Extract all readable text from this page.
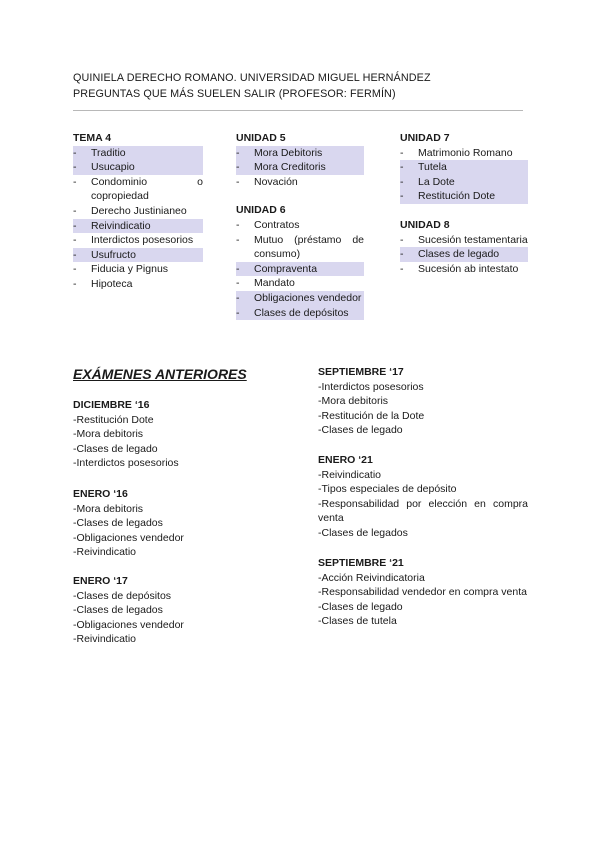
QUINIELA DERECHO ROMANO. UNIVERSIDAD MIGUEL HERNÁNDEZ
PREGUNTAS QUE MÁS SUELEN SALIR (PROFESOR: FERMÍN)
TEMA 4
-	Traditio
-	Usucapio
-	Condominio o copropiedad
-	Derecho Justinianeo
-	Reivindicatio
-	Interdictos posesorios
-	Usufructo
-	Fiducia y Pignus
-	Hipoteca
UNIDAD 5
-	Mora Debitoris
-	Mora Creditoris
-	Novación
UNIDAD 6
-	Contratos
-	Mutuo (préstamo de consumo)
-	Compraventa
-	Mandato
-	Obligaciones vendedor
-	Clases de depósitos
UNIDAD 7
-	Matrimonio Romano
-	Tutela
-	La Dote
-	Restitución Dote
UNIDAD 8
-	Sucesión testamentaria
-	Clases de legado
-	Sucesión ab intestato
EXÁMENES ANTERIORES
DICIEMBRE ‘16
-Restitución Dote
-Mora debitoris
-Clases de legado
-Interdictos posesorios
ENERO ‘16
-Mora debitoris
-Clases de legados
-Obligaciones vendedor
-Reivindicatio
ENERO ‘17
-Clases de depósitos
-Clases de legados
-Obligaciones vendedor
-Reivindicatio
SEPTIEMBRE ‘17
-Interdictos posesorios
-Mora debitoris
-Restitución de la Dote
-Clases de legado
ENERO ‘21
-Reivindicatio
-Tipos especiales de depósito
-Responsabilidad por elección en compra venta
-Clases de legados
SEPTIEMBRE ‘21
-Acción Reivindicatoria
-Responsabilidad vendedor en compra venta
-Clases de legado
-Clases de tutela
